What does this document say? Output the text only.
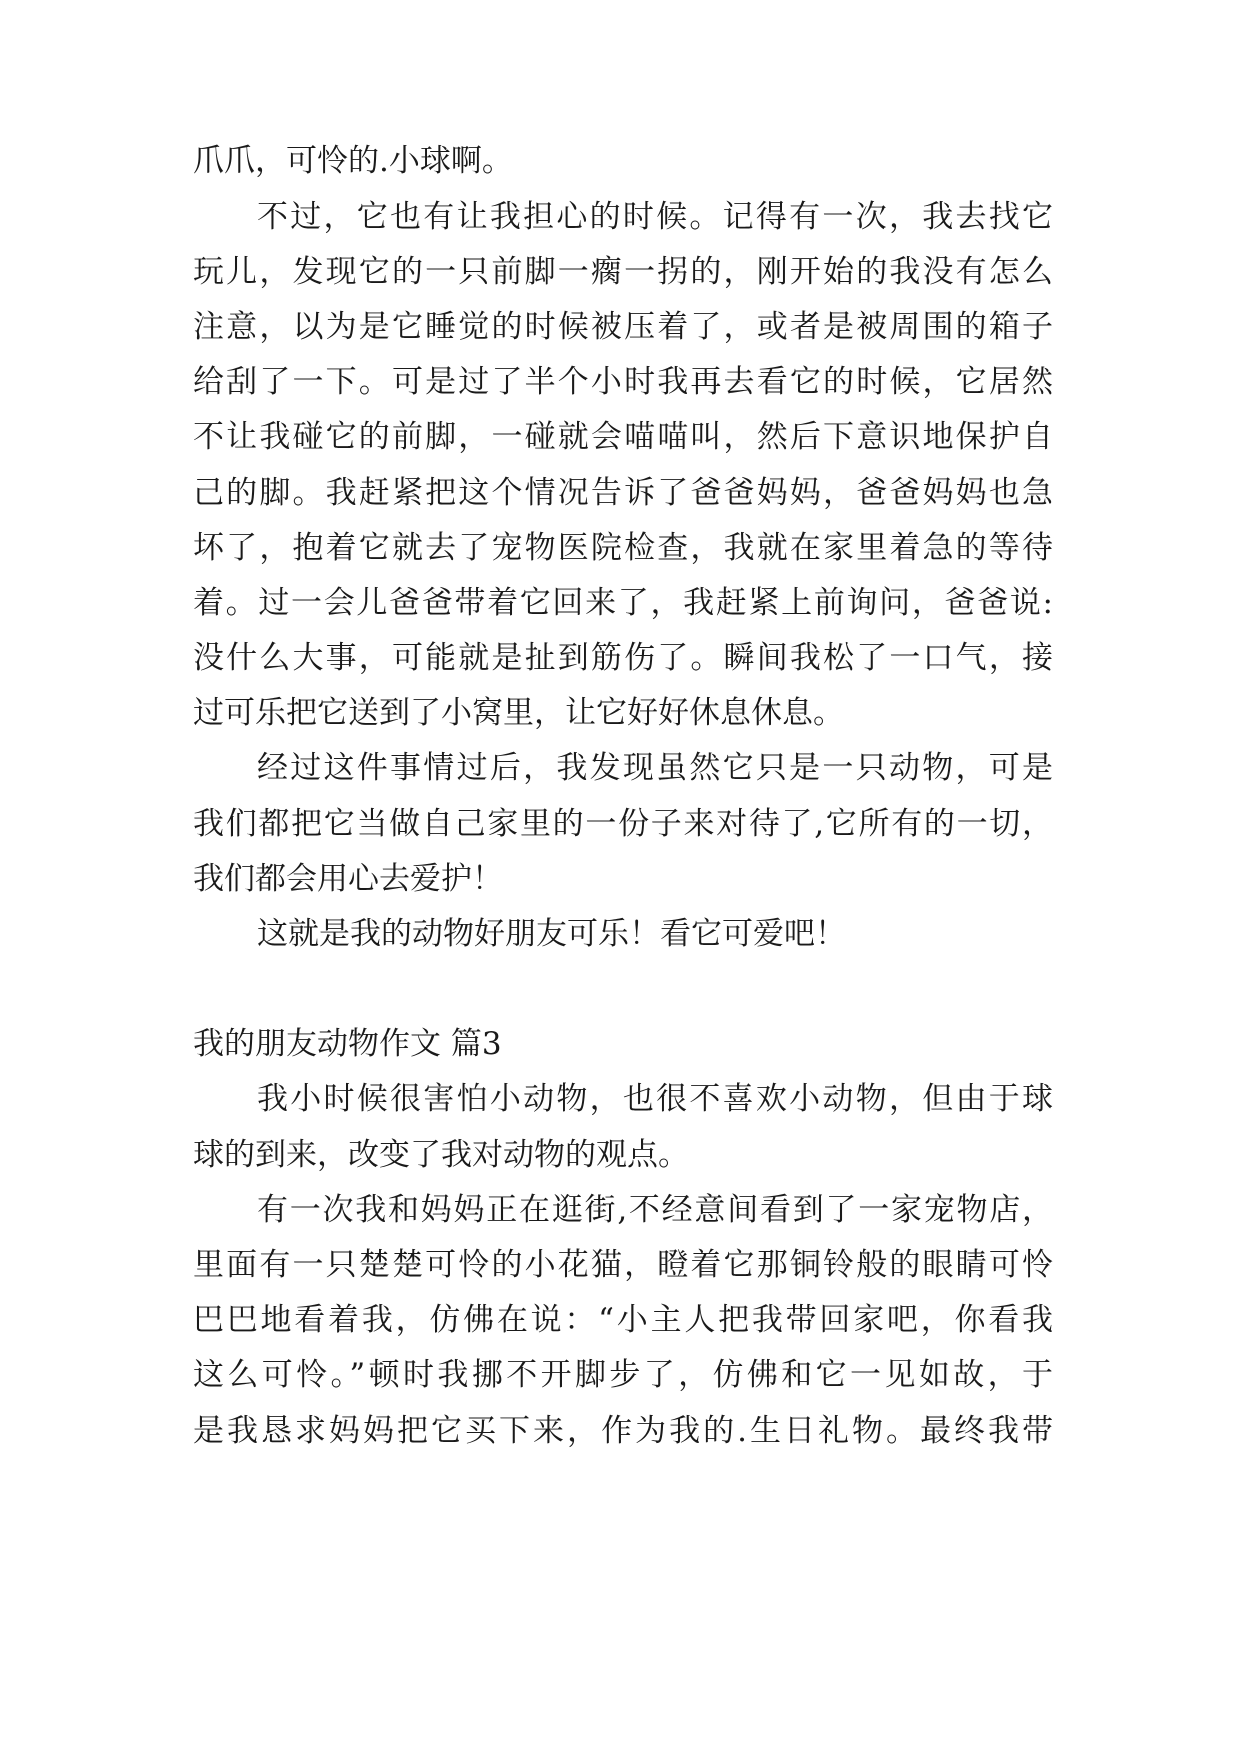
爪爪，可怜的.小球啊。
不过，它也有让我担心的时候。记得有一次，我去找它
玩儿，发现它的一只前脚一瘸一拐的，刚开始的我没有怎么
注意，以为是它睡觉的时候被压着了，或者是被周围的箱子
给刮了一下。可是过了半个小时我再去看它的时候，它居然
不让我碰它的前脚，一碰就会喵喵叫，然后下意识地保护自
己的脚。我赶紧把这个情况告诉了爸爸妈妈，爸爸妈妈也急
坏了，抱着它就去了宠物医院检查，我就在家里着急的等待
着。过一会儿爸爸带着它回来了，我赶紧上前询问，爸爸说:
没什么大事，可能就是扯到筋伤了。瞬间我松了一口气，接
过可乐把它送到了小窝里，让它好好休息休息。
经过这件事情过后，我发现虽然它只是一只动物，可是
我们都把它当做自己家里的一份子来对待了,它所有的一切，
我们都会用心去爱护！
这就是我的动物好朋友可乐！看它可爱吧！
我的朋友动物作文 篇3
我小时候很害怕小动物，也很不喜欢小动物，但由于球
球的到来，改变了我对动物的观点。
有一次我和妈妈正在逛街,不经意间看到了一家宠物店，
里面有一只楚楚可怜的小花猫，瞪着它那铜铃般的眼睛可怜
巴巴地看着我，仿佛在说：“小主人把我带回家吧，你看我
这么可怜。”顿时我挪不开脚步了，仿佛和它一见如故，于
是我恳求妈妈把它买下来，作为我的.生日礼物。最终我带
